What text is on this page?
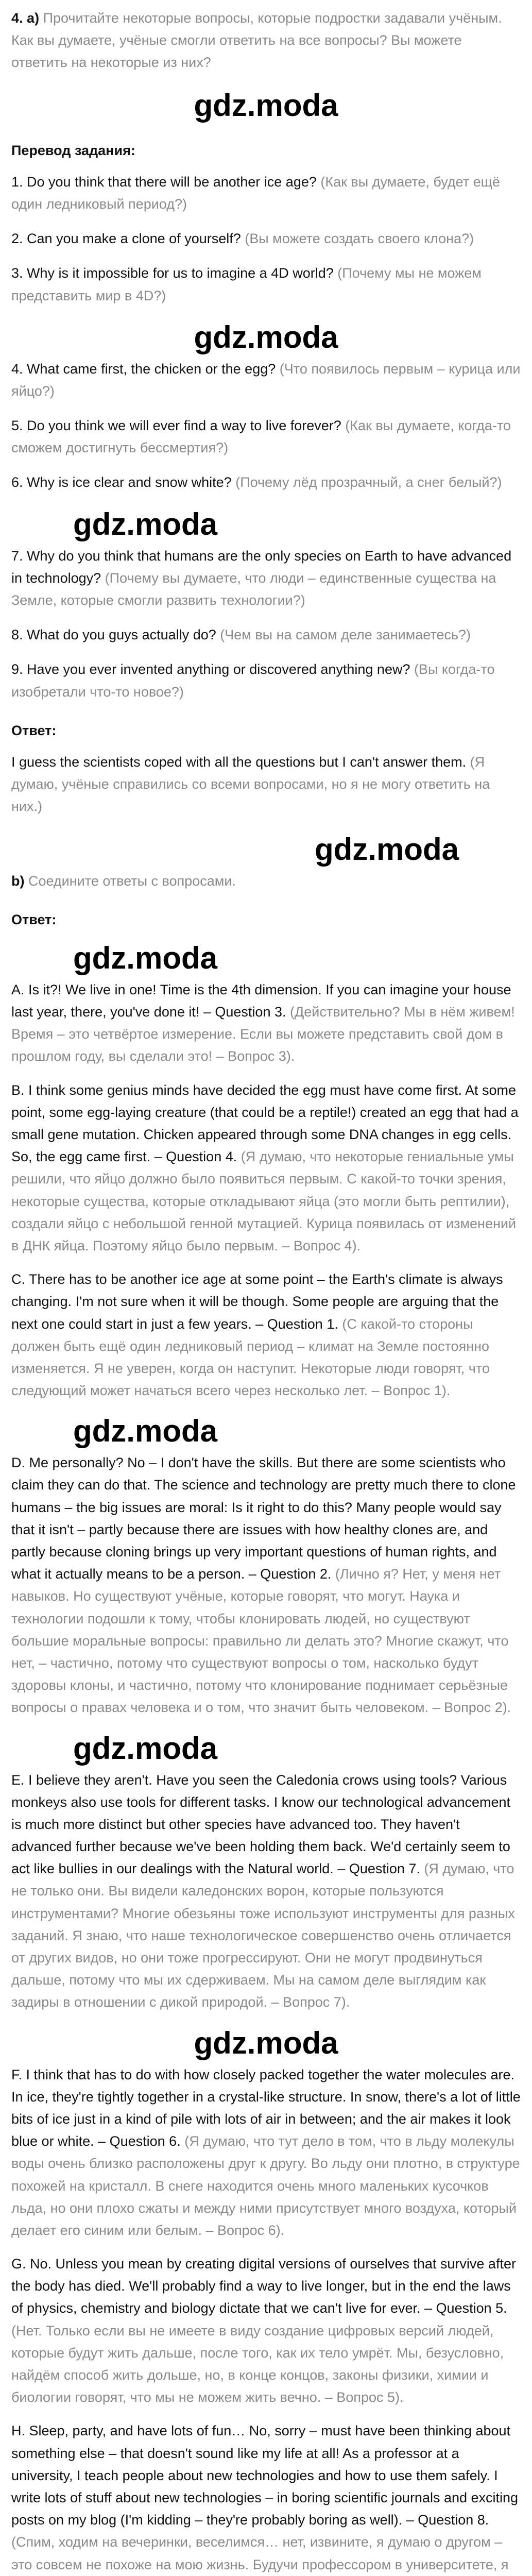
4. a) Прочитайте некоторые вопросы, которые подростки задавали учёным. Как вы думаете, учёные смогли ответить на все вопросы? Вы можете ответить на некоторые из них?

gdz.moda

Перевод задания:

1. Do you think that there will be another ice age? (Как вы думаете, будет ещё один ледниковый период?)

2. Can you make a clone of yourself? (Вы можете создать своего клона?)

3. Why is it impossible for us to imagine a 4D world? (Почему мы не можем представить мир в 4D?)

gdz.moda

4. What came first, the chicken or the egg? (Что появилось первым – курица или яйцо?)

5. Do you think we will ever find a way to live forever? (Как вы думаете, когда-то сможем достигнуть бессмертия?)

6. Why is ice clear and snow white? (Почему лёд прозрачный, а снег белый?)

gdz.moda

7. Why do you think that humans are the only species on Earth to have advanced in technology? (Почему вы думаете, что люди – единственные существа на Земле, которые смогли развить технологии?)

8. What do you guys actually do? (Чем вы на самом деле занимаетесь?)

9. Have you ever invented anything or discovered anything new? (Вы когда-то изобретали что-то новое?)

Ответ:

I guess the scientists coped with all the questions but I can't answer them. (Я думаю, учёные справились со всеми вопросами, но я не могу ответить на них.)

gdz.moda

b) Соедините ответы с вопросами.

Ответ:

gdz.moda

A. Is it?! We live in one! Time is the 4th dimension. If you can imagine your house last year, there, you've done it! – Question 3. (Действительно? Мы в нём живем! Время – это четвёртое измерение. Если вы можете представить свой дом в прошлом году, вы сделали это! – Вопрос 3).

B. I think some genius minds have decided the egg must have come first. At some point, some egg-laying creature (that could be a reptile!) created an egg that had a small gene mutation. Chicken appeared through some DNA changes in egg cells. So, the egg came first. – Question 4. (Я думаю, что некоторые гениальные умы решили, что яйцо должно было появиться первым. С какой-то точки зрения, некоторые существа, которые откладывают яйца (это могли быть рептилии), создали яйцо с небольшой генной мутацией. Курица появилась от изменений в ДНК яйца. Поэтому яйцо было первым. – Вопрос 4).

C. There has to be another ice age at some point – the Earth's climate is always changing. I'm not sure when it will be though. Some people are arguing that the next one could start in just a few years. – Question 1. (С какой-то стороны должен быть ещё один ледниковый период – климат на Земле постоянно изменяется. Я не уверен, когда он наступит. Некоторые люди говорят, что следующий может начаться всего через несколько лет. – Вопрос 1).

gdz.moda

D. Me personally? No – I don't have the skills. But there are some scientists who claim they can do that. The science and technology are pretty much there to clone humans – the big issues are moral: Is it right to do this? Many people would say that it isn't – partly because there are issues with how healthy clones are, and partly because cloning brings up very important questions of human rights, and what it actually means to be a person. – Question 2. (Лично я? Нет, у меня нет навыков. Но существуют учёные, которые говорят, что могут. Наука и технологии подошли к тому, чтобы клонировать людей, но существуют большие моральные вопросы: правильно ли делать это? Многие скажут, что нет, – частично, потому что существуют вопросы о том, насколько будут здоровы клоны, и частично, потому что клонирование поднимает серьёзные вопросы о правах человека и о том, что значит быть человеком. – Вопрос 2).

gdz.moda

E. I believe they aren't. Have you seen the Caledonia crows using tools? Various monkeys also use tools for different tasks. I know our technological advancement is much more distinct but other species have advanced too. They haven't advanced further because we've been holding them back. We'd certainly seem to act like bullies in our dealings with the Natural world. – Question 7. (Я думаю, что не только они. Вы видели каледонских ворон, которые пользуются инструментами? Многие обезьяны тоже используют инструменты для разных заданий. Я знаю, что наше технологическое совершенство очень отличается от других видов, но они тоже прогрессируют. Они не могут продвинуться дальше, потому что мы их сдерживаем. Мы на самом деле выглядим как задиры в отношении с дикой природой. – Вопрос 7).

gdz.moda

F. I think that has to do with how closely packed together the water molecules are. In ice, they're tightly together in a crystal-like structure. In snow, there's a lot of little bits of ice just in a kind of pile with lots of air in between; and the air makes it look blue or white. – Question 6. (Я думаю, что тут дело в том, что в льду молекулы воды очень близко расположены друг к другу. Во льду они плотно, в структуре похожей на кристалл. В снеге находится очень много маленьких кусочков льда, но они плохо сжаты и между ними присутствует много воздуха, который делает его синим или белым. – Вопрос 6).

G. No. Unless you mean by creating digital versions of ourselves that survive after the body has died. We'll probably find a way to live longer, but in the end the laws of physics, chemistry and biology dictate that we can't live for ever. – Question 5. (Нет. Только если вы не имеете в виду создание цифровых версий людей, которые будут жить дальше, после того, как их тело умрёт. Мы, безусловно, найдём способ жить дольше, но, в конце концов, законы физики, химии и биологии говорят, что мы не можем жить вечно. – Вопрос 5).

H. Sleep, party, and have lots of fun… No, sorry – must have been thinking about something else – that doesn't sound like my life at all! As a professor at a university, I teach people about new technologies and how to use them safely. I write lots of stuff about new technologies – in boring scientific journals and exciting posts on my blog (I'm kidding – they're probably boring as well). – Question 8. (Спим, ходим на вечеринки, веселимся… нет, извините, я думаю о другом – это совсем не похоже на мою жизнь. Будучи профессором в университете, я
